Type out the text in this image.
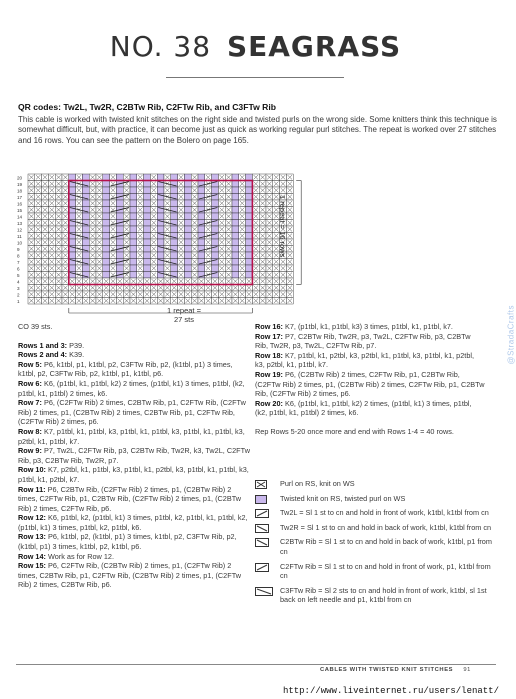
NO. 38 SEAGRASS
QR codes: Tw2L, Tw2R, C2BTw Rib, C2FTw Rib, and C3FTw Rib

This cable is worked with twisted knit stitches on the right side and twisted purls on the wrong side. Some knitters think this technique is somewhat difficult, but, with practice, it can become just as quick as working regular purl stitches. The repeat is worked over 27 stitches and 16 rows. You can see the pattern on the Bolero on page 165.

20
19
18
17
16
15
14
13
12
11
10
9
8
7
6
5
4
3
2
1
1 repeat =
27 sts
1 repeat = 16 rows

CO 39 sts.

Rows 1 and 3: P39.

Rows 2 and 4: K39.

Row 5: P6, k1tbl, p1, k1tbl, p2, C3FTw Rib, p2, (k1tbl, p1) 3 times, k1tbl, p2, C3FTw Rib, p2, k1tbl, p1, k1tbl, p6.

Row 6: K6, (p1tbl, k1, p1tbl, k2) 2 times, (p1tbl, k1) 3 times, p1tbl, (k2, p1tbl, k1, p1tbl) 2 times, k6.

Row 7: P6, (C2FTw Rib) 2 times, C2BTw Rib, p1, C2FTw Rib, (C2FTw Rib) 2 times, p1, (C2BTw Rib) 2 times, C2BTw Rib, p1, C2FTw Rib, (C2FTw Rib) 2 times, p6.

Row 8: K7, p1tbl, k1, p1tbl, k3, p1tbl, k1, p1tbl, k3, p1tbl, k1, p1tbl, k3, p2tbl, k1, p1tbl, k7.

Row 9: P7, Tw2L, C2FTw Rib, p3, C2BTw Rib, Tw2R, k3, Tw2L, C2FTw Rib, p3, C2BTw Rib, Tw2R, p7.

Row 10: K7, p2tbl, k1, p1tbl, k3, p1tbl, k1, p2tbl, k3, p1tbl, k1, p1tbl, k3, p1tbl, k1, p2tbl, k7.

Row 11: P6, C2BTw Rib, (C2FTw Rib) 2 times, p1, (C2BTw Rib) 2 times, C2FTw Rib, p1, C2BTw Rib, (C2FTw Rib) 2 times, p1, (C2BTw Rib) 2 times, C2FTw Rib, p6.

Row 12: K6, p1tbl, k2, (p1tbl, k1) 3 times, p1tbl, k2, p1tbl, k1, p1tbl, k2, (p1tbl, k1) 3 times, p1tbl, k2, p1tbl, k6.

Row 13: P6, k1tbl, p2, (k1tbl, p1) 3 times, k1tbl, p2, C3FTw Rib, p2, (k1tbl, p1) 3 times, k1tbl, p2, k1tbl, p6.

Row 14: Work as for Row 12.

Row 15: P6, C2FTw Rib, (C2BTw Rib) 2 times, p1, (C2FTw Rib) 2 times, C2BTw Rib, p1, C2FTw Rib, (C2BTw Rib) 2 times, p1, (C2FTw Rib) 2 times, C2BTw Rib, p6.

Row 16: K7, (p1tbl, k1, p1tbl, k3) 3 times, p1tbl, k1, p1tbl, k7.

Row 17: P7, C2BTw Rib, Tw2R, p3, Tw2L, C2FTw Rib, p3, C2BTw Rib, Tw2R, p3, Tw2L, C2FTw Rib, p7.

Row 18: K7, p1tbl, k1, p2tbl, k3, p2tbl, k1, p1tbl, k3, p1tbl, k1, p2tbl, k3, p2tbl, k1, p1tbl, k7.

Row 19: P6, (C2BTw Rib) 2 times, C2FTw Rib, p1, C2BTw Rib, (C2FTw Rib) 2 times, p1, (C2BTw Rib) 2 times, C2FTw Rib, p1, C2BTw Rib, (C2FTw Rib) 2 times, p6.

Row 20: K6, (p1tbl, k1, p1tbl, k2) 2 times, (p1tbl, k1) 3 times, p1tbl, (k2, p1tbl, k1, p1tbl) 2 times, k6.

Rep Rows 5-20 once more and end with Rows 1-4 = 40 rows.

Purl on RS, knit on WS
Twisted knit on RS, twisted purl on WS
Tw2L = Sl 1 st to cn and hold in front of work, k1tbl, k1tbl from cn
Tw2R = Sl 1 st to cn and hold in back of work, k1tbl, k1tbl from cn
C2BTw Rib = Sl 1 st to cn and hold in back of work, k1tbl, p1 from cn
C2FTw Rib = Sl 1 st to cn and hold in front of work, p1, k1tbl from cn
C3FTw Rib = Sl 2 sts to cn and hold in front of work, k1tbl, sl 1st back on left needle and p1, k1tbl from cn
@StradaCrafts
CABLES WITH TWISTED KNIT STITCHES 91
http://www.liveinternet.ru/users/lenatt/
